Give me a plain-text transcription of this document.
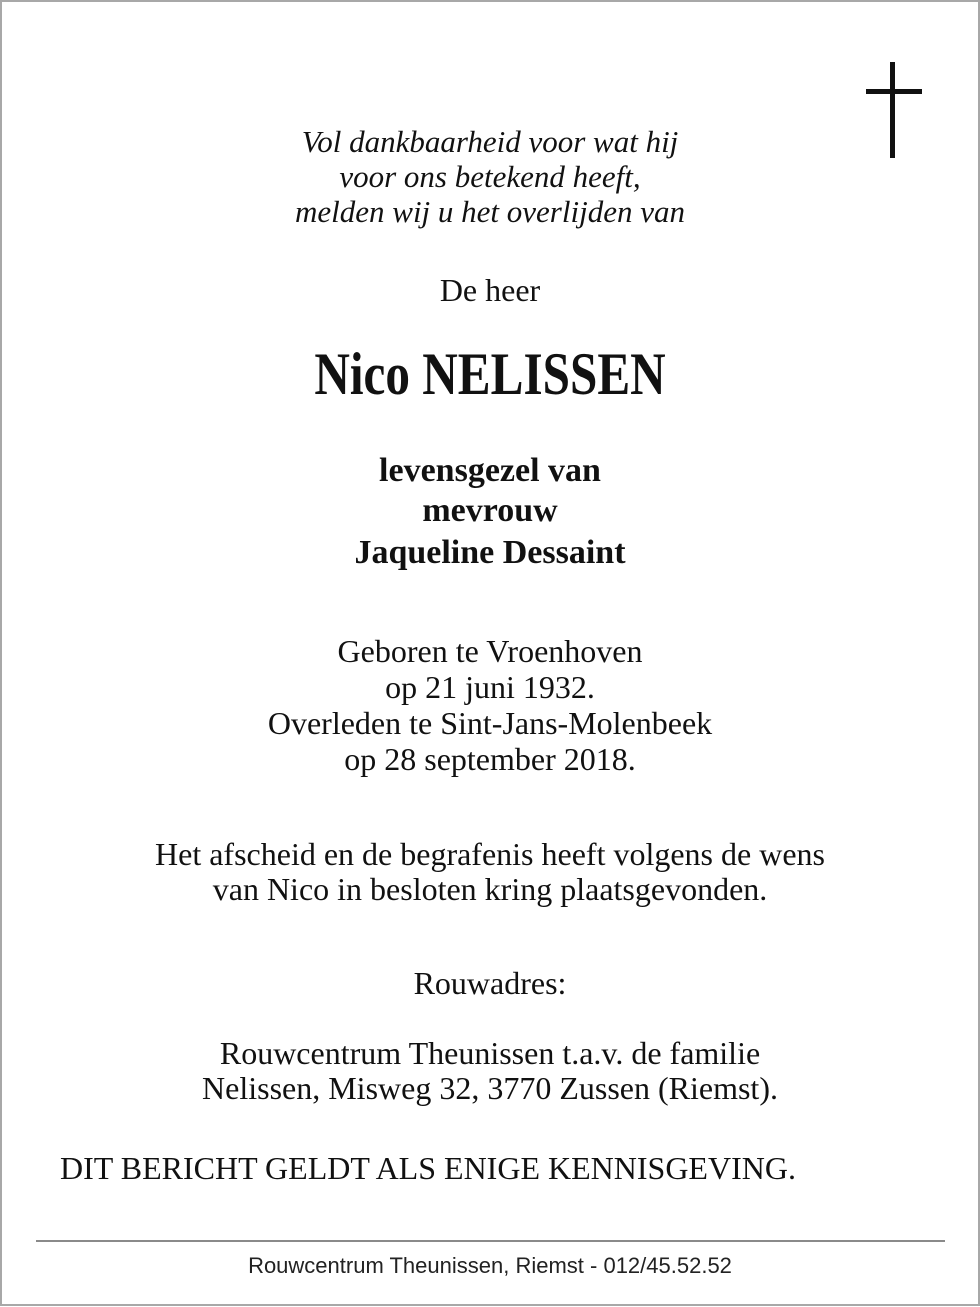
Vol dankbaarheid voor wat hij
voor ons betekend heeft,
melden wij u het overlijden van
De heer
Nico NELISSEN
levensgezel van
mevrouw
Jaqueline Dessaint
Geboren te Vroenhoven
op 21 juni 1932.
Overleden te Sint-Jans-Molenbeek
op 28 september 2018.
Het afscheid en de begrafenis heeft volgens de wens
van Nico in besloten kring plaatsgevonden.
Rouwadres:
Rouwcentrum Theunissen t.a.v. de familie
Nelissen, Misweg 32, 3770 Zussen (Riemst).
DIT BERICHT GELDT ALS ENIGE KENNISGEVING.
Rouwcentrum Theunissen, Riemst - 012/45.52.52
